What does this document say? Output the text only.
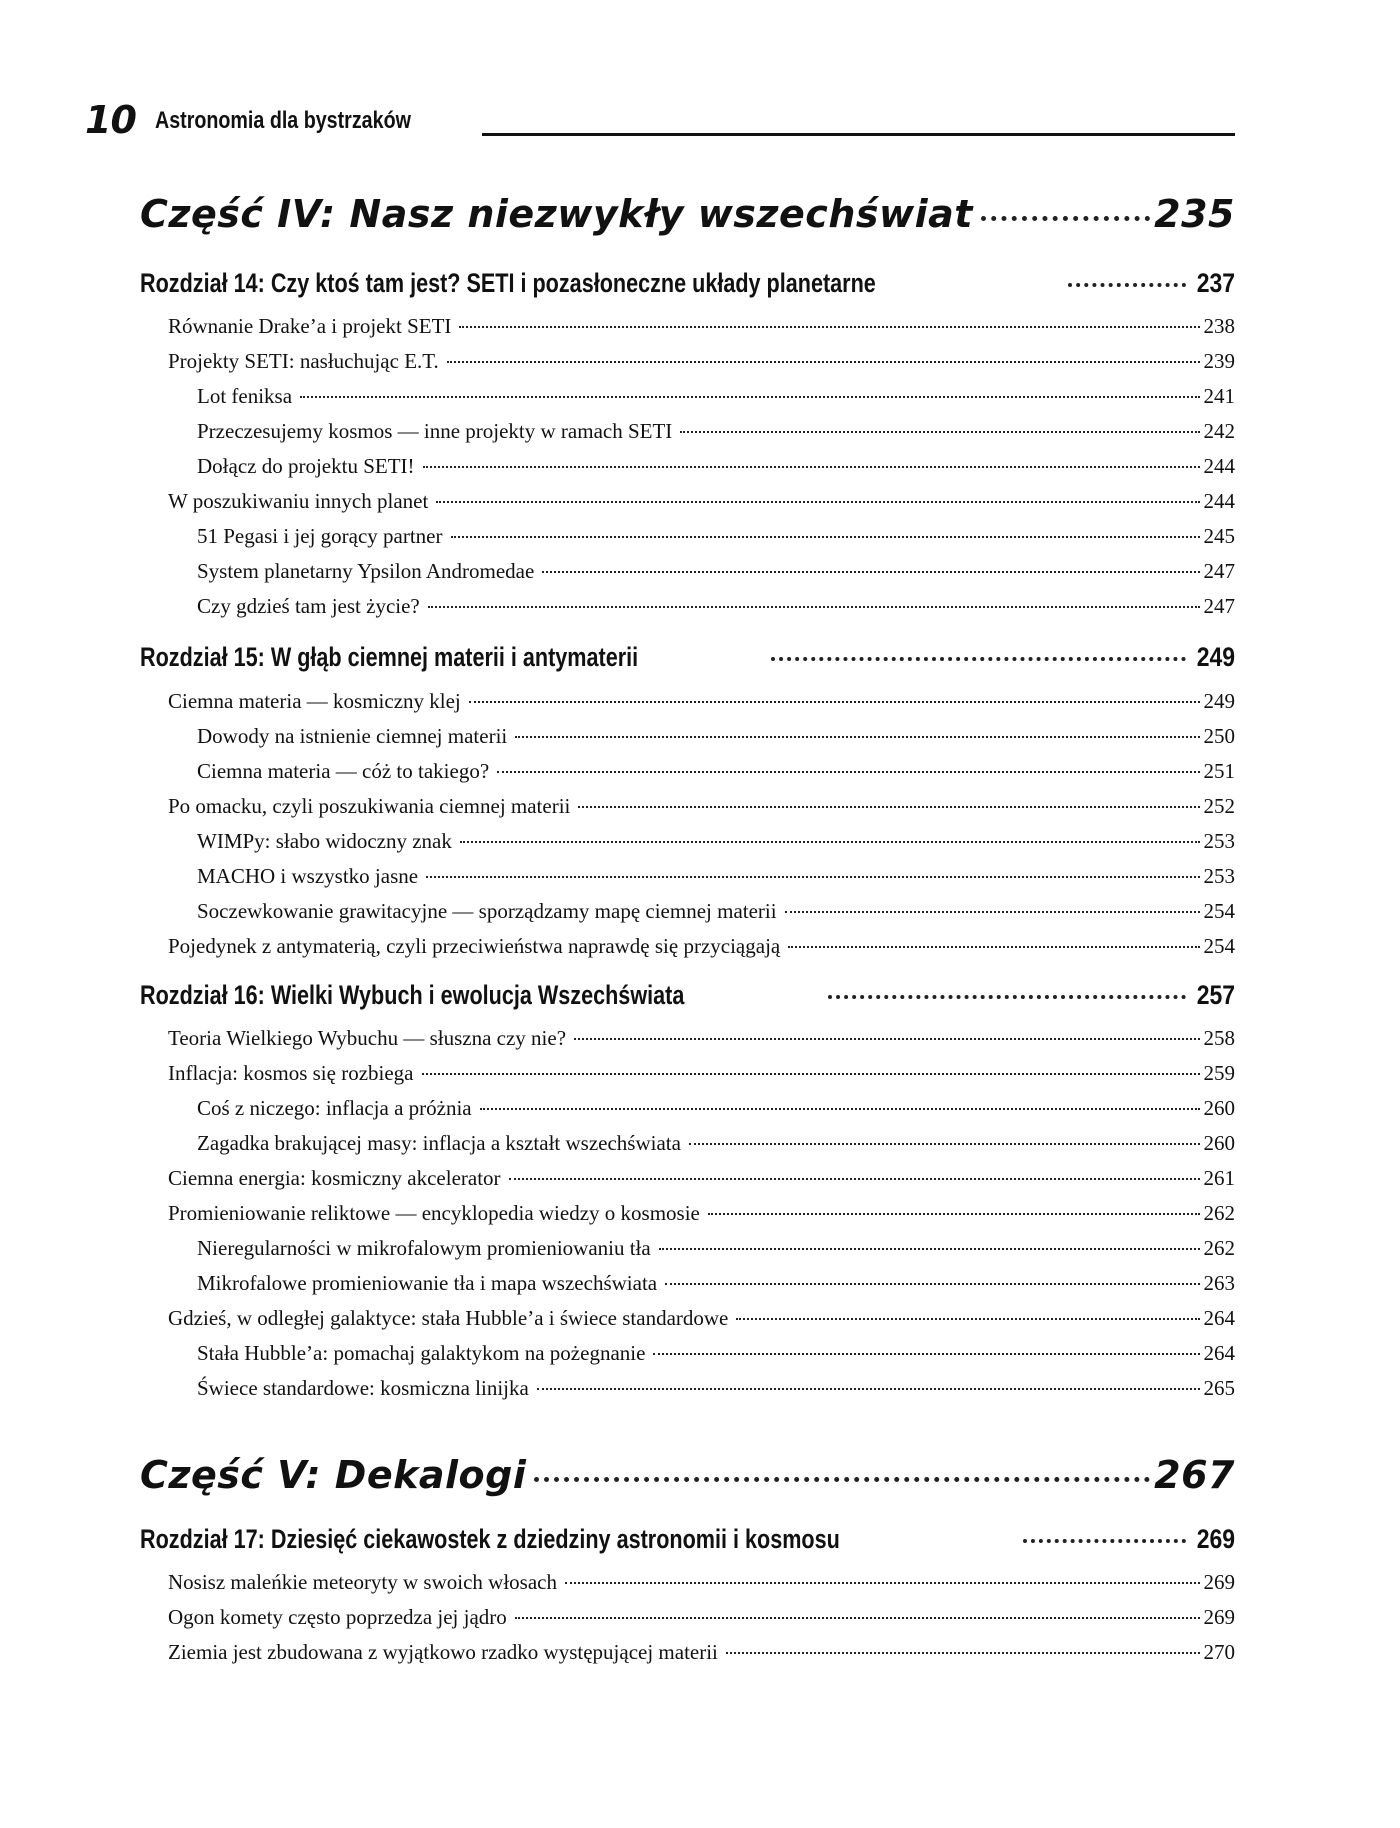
10 Astronomia dla bystrzaków
Część IV: Nasz niezwykły wszechświat	235
Rozdział 14: Czy ktoś tam jest? SETI i pozasłoneczne układy planetarne	237
Równanie Drake’a i projekt SETI	238
Projekty SETI: nasłuchując E.T.	239
Lot feniksa	241
Przeczesujemy kosmos — inne projekty w ramach SETI	242
Dołącz do projektu SETI!	244
W poszukiwaniu innych planet	244
51 Pegasi i jej gorący partner	245
System planetarny Ypsilon Andromedae	247
Czy gdzieś tam jest życie?	247
Rozdział 15: W głąb ciemnej materii i antymaterii	249
Ciemna materia — kosmiczny klej	249
Dowody na istnienie ciemnej materii	250
Ciemna materia — cóż to takiego?	251
Po omacku, czyli poszukiwania ciemnej materii	252
WIMPy: słabo widoczny znak	253
MACHO i wszystko jasne	253
Soczewkowanie grawitacyjne — sporządzamy mapę ciemnej materii	254
Pojedynek z antymaterią, czyli przeciwieństwa naprawdę się przyciągają	254
Rozdział 16: Wielki Wybuch i ewolucja Wszechświata	257
Teoria Wielkiego Wybuchu — słuszna czy nie?	258
Inflacja: kosmos się rozbiega	259
Coś z niczego: inflacja a próżnia	260
Zagadka brakującej masy: inflacja a kształt wszechświata	260
Ciemna energia: kosmiczny akcelerator	261
Promieniowanie reliktowe — encyklopedia wiedzy o kosmosie	262
Nieregularności w mikrofalowym promieniowaniu tła	262
Mikrofalowe promieniowanie tła i mapa wszechświata	263
Gdzieś, w odległej galaktyce: stała Hubble’a i świece standardowe	264
Stała Hubble’a: pomachaj galaktykom na pożegnanie	264
Świece standardowe: kosmiczna linijka	265
Część V: Dekalogi	267
Rozdział 17: Dziesięć ciekawostek z dziedziny astronomii i kosmosu	269
Nosisz maleńkie meteoryty w swoich włosach	269
Ogon komety często poprzedza jej jądro	269
Ziemia jest zbudowana z wyjątkowo rzadko występującej materii	270
